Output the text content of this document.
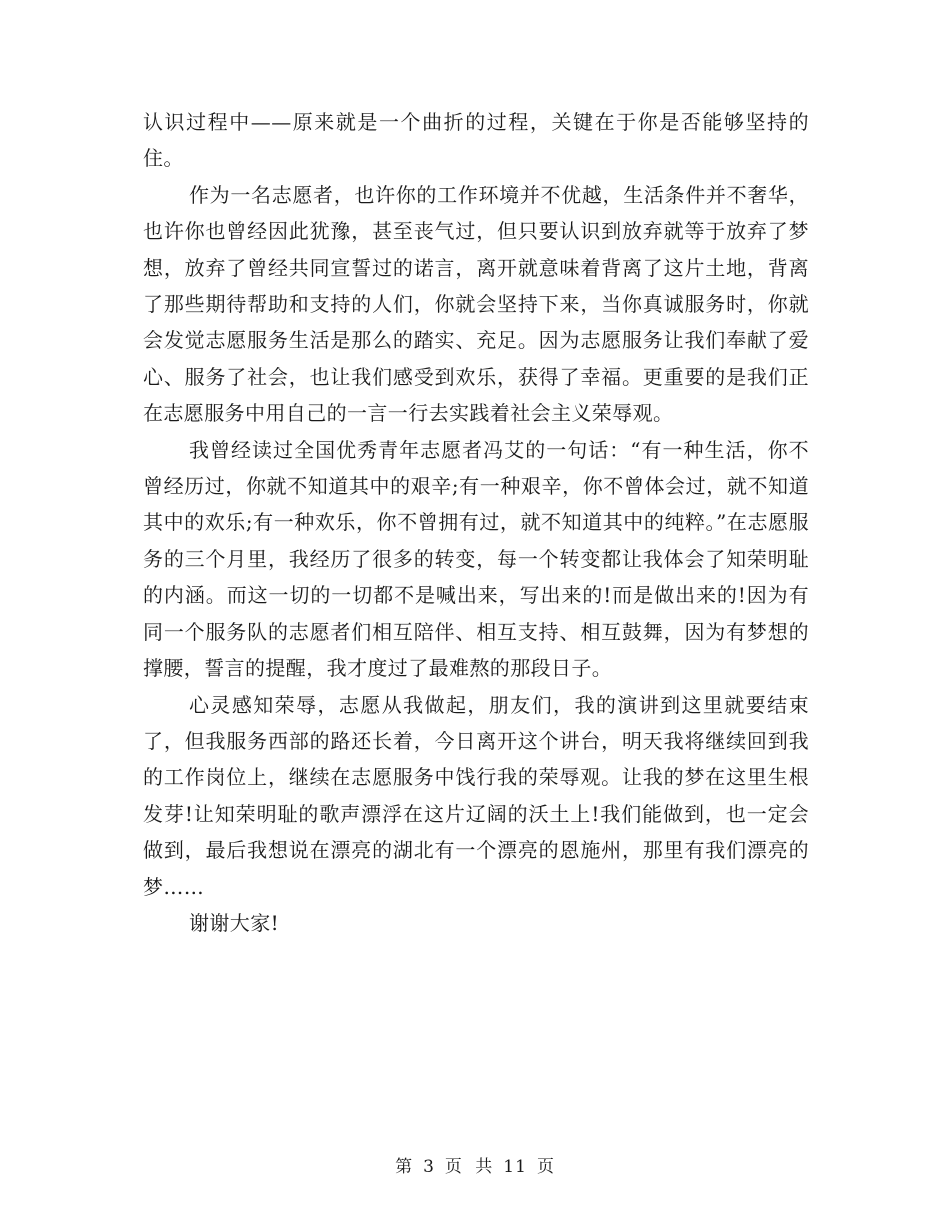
认识过程中——原来就是一个曲折的过程，关键在于你是否能够坚持的住。

作为一名志愿者，也许你的工作环境并不优越，生活条件并不奢华，也许你也曾经因此犹豫，甚至丧气过，但只要认识到放弃就等于放弃了梦想，放弃了曾经共同宣誓过的诺言，离开就意味着背离了这片土地，背离了那些期待帮助和支持的人们，你就会坚持下来，当你真诚服务时，你就会发觉志愿服务生活是那么的踏实、充足。因为志愿服务让我们奉献了爱心、服务了社会，也让我们感受到欢乐，获得了幸福。更重要的是我们正在志愿服务中用自己的一言一行去实践着社会主义荣辱观。

我曾经读过全国优秀青年志愿者冯艾的一句话：“有一种生活，你不曾经历过，你就不知道其中的艰辛;有一种艰辛，你不曾体会过，就不知道其中的欢乐;有一种欢乐，你不曾拥有过，就不知道其中的纯粹。”在志愿服务的三个月里，我经历了很多的转变，每一个转变都让我体会了知荣明耻的内涵。而这一切的一切都不是喊出来，写出来的!而是做出来的!因为有同一个服务队的志愿者们相互陪伴、相互支持、相互鼓舞，因为有梦想的撑腰，誓言的提醒，我才度过了最难熬的那段日子。

心灵感知荣辱，志愿从我做起，朋友们，我的演讲到这里就要结束了，但我服务西部的路还长着，今日离开这个讲台，明天我将继续回到我的工作岗位上，继续在志愿服务中饯行我的荣辱观。让我的梦在这里生根发芽!让知荣明耻的歌声漂浮在这片辽阔的沃土上!我们能做到，也一定会做到，最后我想说在漂亮的湖北有一个漂亮的恩施州，那里有我们漂亮的梦……

谢谢大家!

第 3 页 共 11 页
